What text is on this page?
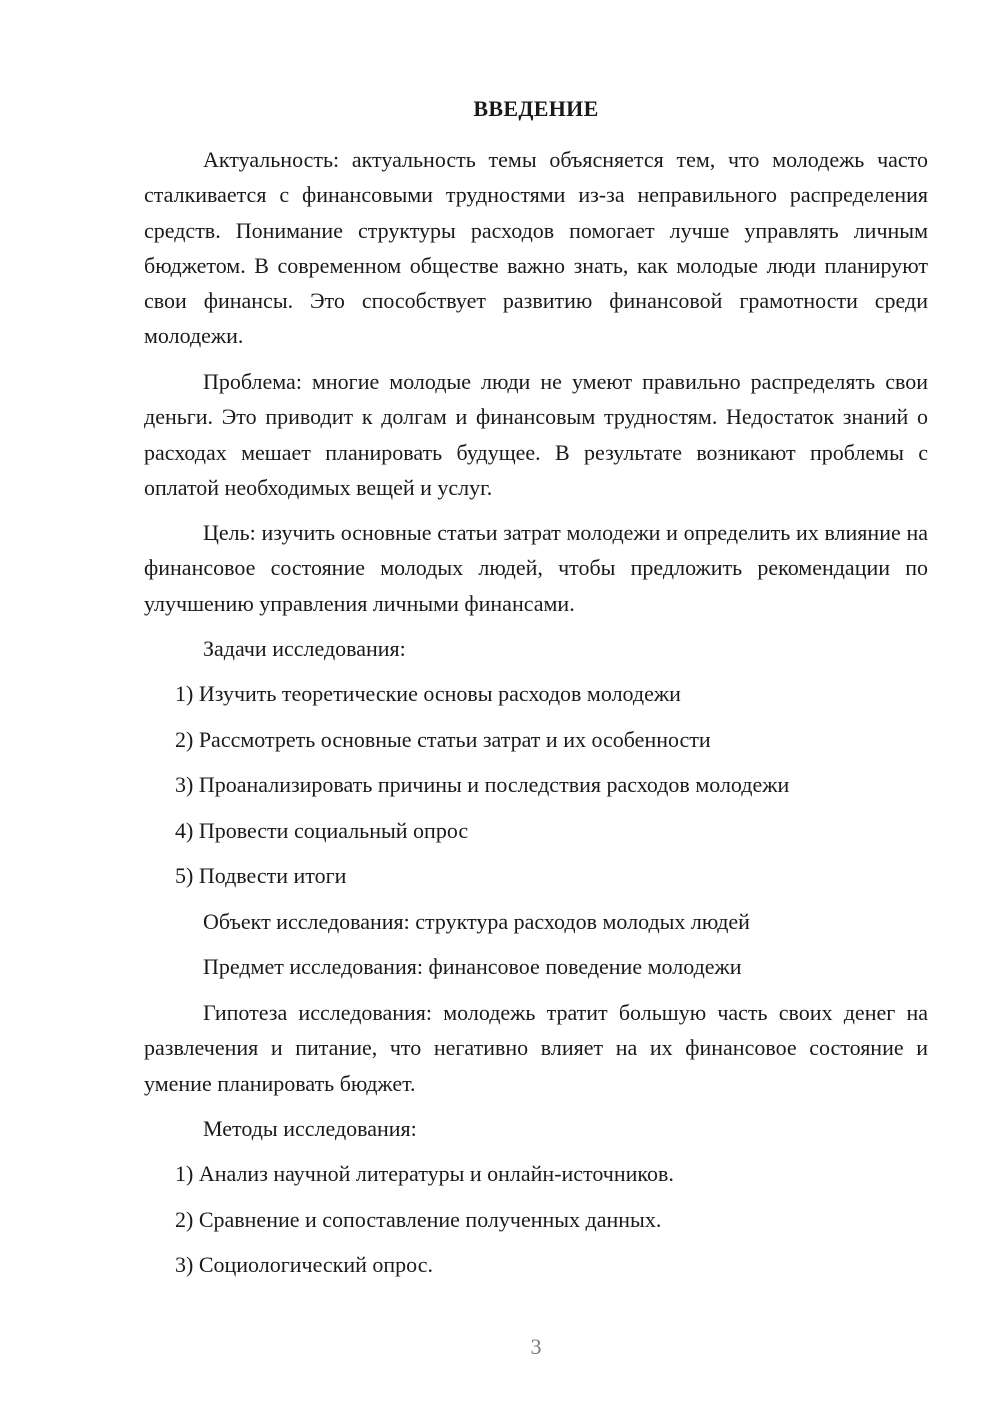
ВВЕДЕНИЕ

Актуальность: актуальность темы объясняется тем, что молодежь часто сталкивается с финансовыми трудностями из-за неправильного распределения средств. Понимание структуры расходов помогает лучше управлять личным бюджетом. В современном обществе важно знать, как молодые люди планируют свои финансы. Это способствует развитию финансовой грамотности среди молодежи.

Проблема: многие молодые люди не умеют правильно распределять свои деньги. Это приводит к долгам и финансовым трудностям. Недостаток знаний о расходах мешает планировать будущее. В результате возникают проблемы с оплатой необходимых вещей и услуг.

Цель: изучить основные статьи затрат молодежи и определить их влияние на финансовое состояние молодых людей, чтобы предложить рекомендации по улучшению управления личными финансами.

Задачи исследования:

1) Изучить теоретические основы расходов молодежи

2) Рассмотреть основные статьи затрат и их особенности

3) Проанализировать причины и последствия расходов молодежи

4) Провести социальный опрос

5) Подвести итоги

Объект исследования: структура расходов молодых людей

Предмет исследования: финансовое поведение молодежи

Гипотеза исследования: молодежь тратит большую часть своих денег на развлечения и питание, что негативно влияет на их финансовое состояние и умение планировать бюджет.

Методы исследования:

1) Анализ научной литературы и онлайн-источников.

2) Сравнение и сопоставление полученных данных.

3) Социологический опрос.

3
